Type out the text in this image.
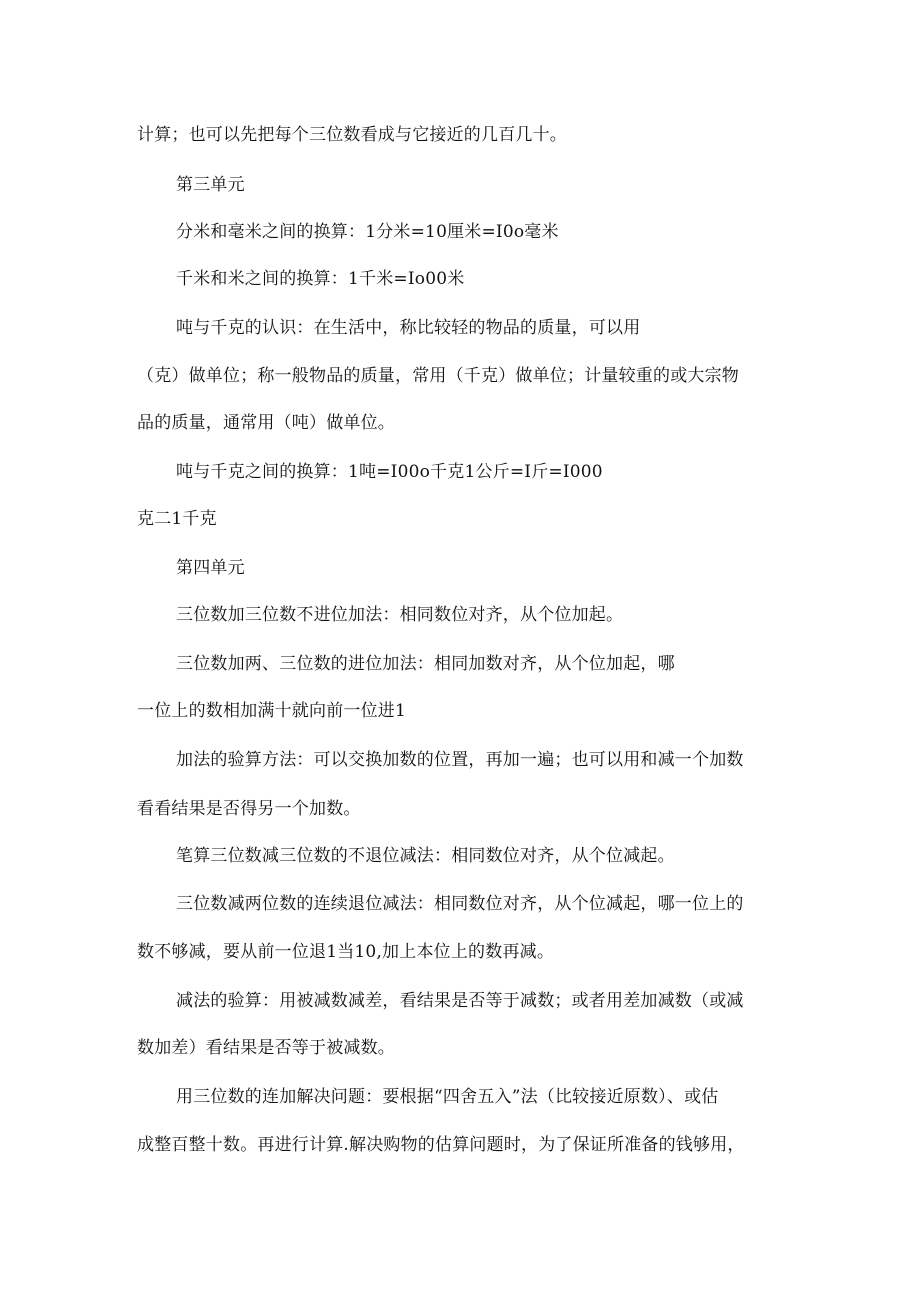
计算；也可以先把每个三位数看成与它接近的几百几十。
第三单元
分米和毫米之间的换算：1分米=10厘米=I0o毫米
千米和米之间的换算：1千米=Io00米
吨与千克的认识：在生活中，称比较轻的物品的质量，可以用
（克）做单位；称一般物品的质量，常用（千克）做单位；计量较重的或大宗物
品的质量，通常用（吨）做单位。
吨与千克之间的换算：1吨=I00o千克1公斤=I斤=I000
克二1千克
第四单元
三位数加三位数不进位加法：相同数位对齐，从个位加起。
三位数加两、三位数的进位加法：相同加数对齐，从个位加起，哪
一位上的数相加满十就向前一位进1
加法的验算方法：可以交换加数的位置，再加一遍；也可以用和减一个加数
看看结果是否得另一个加数。
笔算三位数减三位数的不退位减法：相同数位对齐，从个位减起。
三位数减两位数的连续退位减法：相同数位对齐，从个位减起，哪一位上的
数不够减，要从前一位退1当10,加上本位上的数再减。
减法的验算：用被减数减差，看结果是否等于减数；或者用差加减数（或减
数加差）看结果是否等于被减数。
用三位数的连加解决问题：要根据“四舍五入”法（比较接近原数）、或估
成整百整十数。再进行计算.解决购物的估算问题时，为了保证所准备的钱够用，
